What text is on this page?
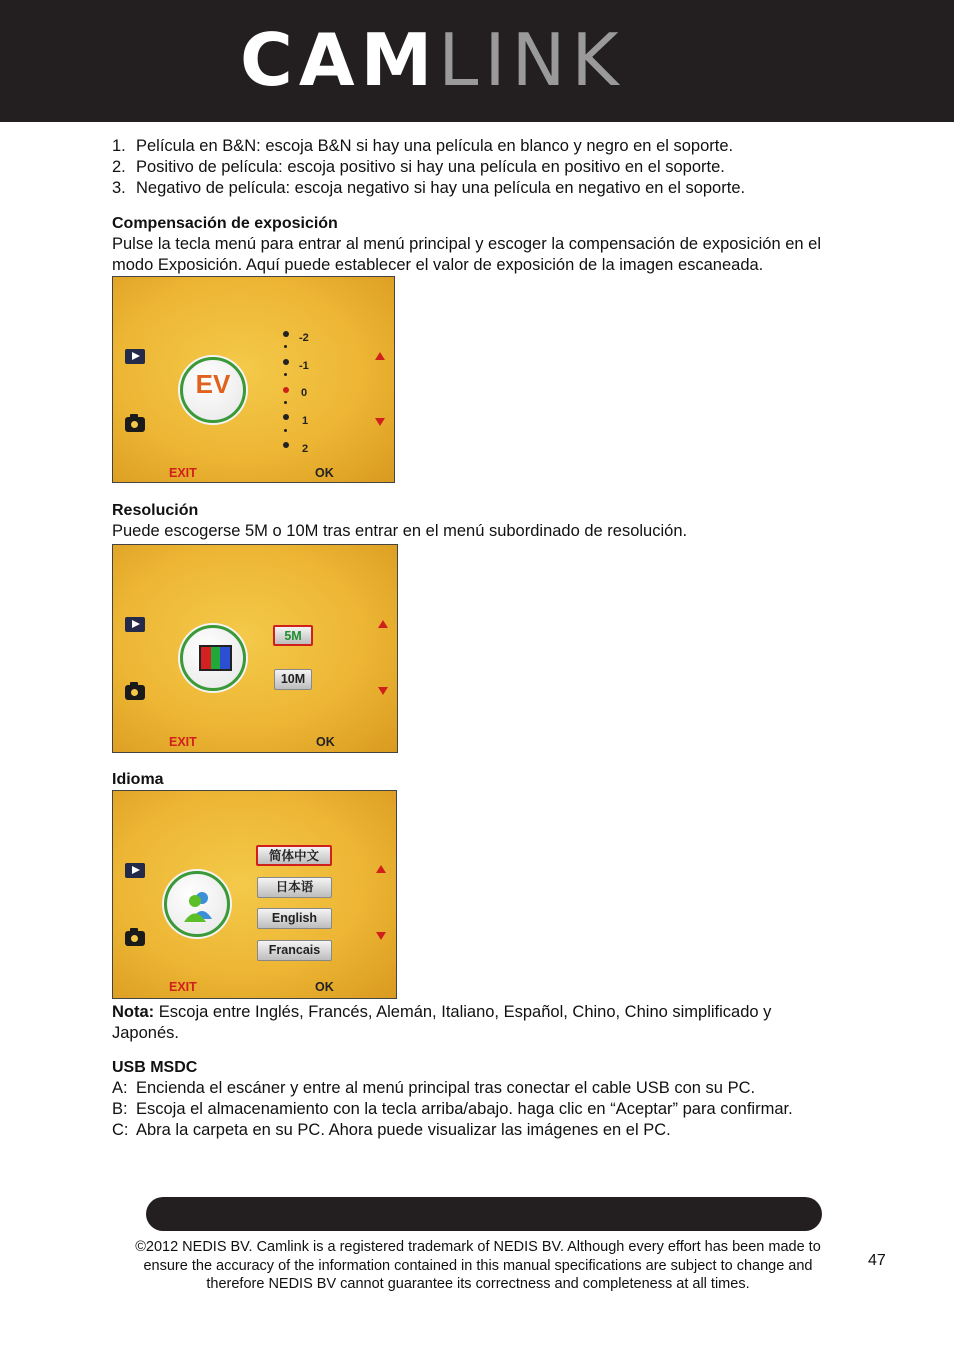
CAMLINK
1. Película en B&N: escoja B&N si hay una película en blanco y negro en el soporte.
2. Positivo de película: escoja positivo si hay una película en positivo en el soporte.
3. Negativo de película: escoja negativo si hay una película en negativo en el soporte.
Compensación de exposición
Pulse la tecla menú para entrar al menú principal y escoger la compensación de exposición en el modo Exposición. Aquí puede establecer el valor de exposición de la imagen escaneada.
EV
-2
-1
0
1
2
EXIT	OK
Resolución
Puede escogerse 5M o 10M tras entrar en el menú subordinado de resolución.
5M
10M
EXIT	OK
Idioma
简体中文
日本语
English
Francais
EXIT	OK
Nota: Escoja entre Inglés, Francés, Alemán, Italiano, Español, Chino, Chino simplificado y Japonés.
USB MSDC
A: Encienda el escáner y entre al menú principal tras conectar el cable USB con su PC.
B: Escoja el almacenamiento con la tecla arriba/abajo. haga clic en “Aceptar” para confirmar.
C: Abra la carpeta en su PC. Ahora puede visualizar las imágenes en el PC.
©2012 NEDIS BV. Camlink is a registered trademark of NEDIS BV. Although every effort has been made to ensure the accuracy of the information contained in this manual specifications are subject to change and therefore NEDIS BV cannot guarantee its correctness and completeness at all times.
47
